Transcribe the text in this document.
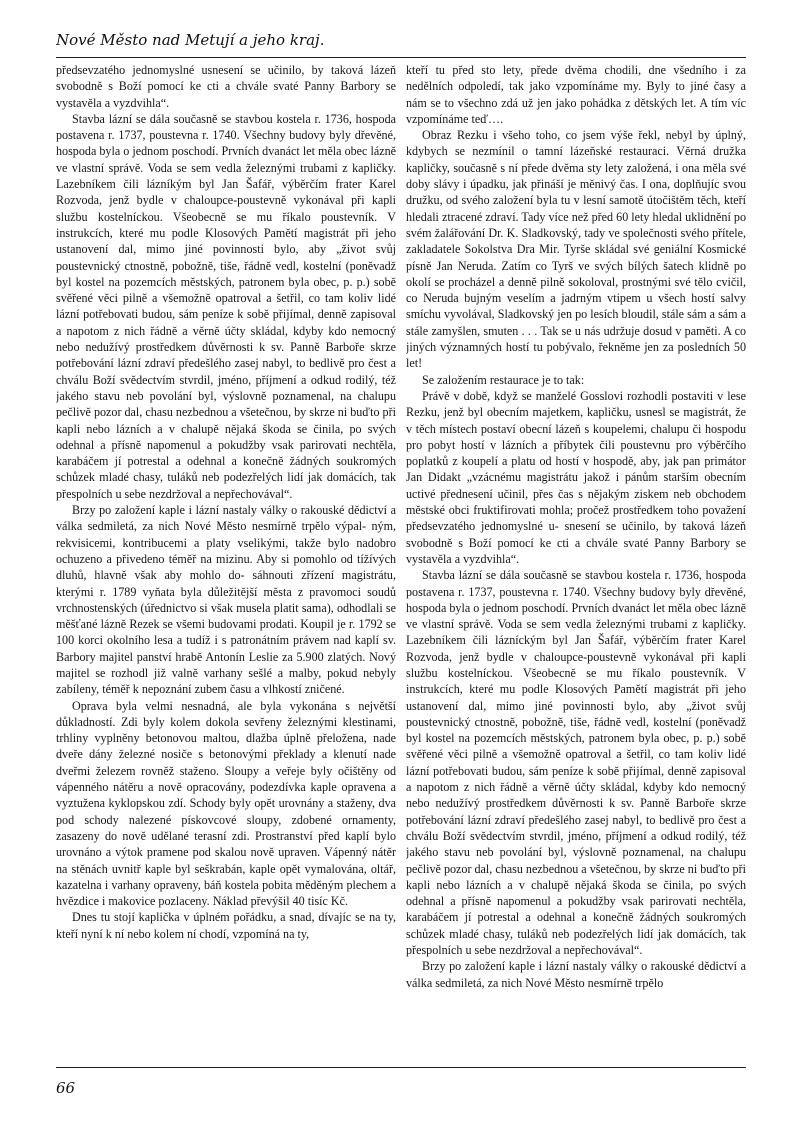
Nové Město nad Metují a jeho kraj.

předsevzatého jednomyslné usnesení se učinilo, by taková lázeň svobodně s Boží pomocí ke cti a chvále svaté Panny Barbory se vystavěla a vyzdvihla“.

Stavba lázní se dála současně se stavbou kostela r. 1736, hospoda postavena r. 1737, poustevna r. 1740. Všechny budovy byly dřevěné, hospoda byla o jednom poschodí. Prvních dvanáct let měla obec lázně ve vlastní správě. Voda se sem vedla železnými trubami z kapličky. Lazebníkem čili lázníkým byl Jan Šafář, výběrčím frater Karel Rozvoda, jenž bydle v chaloupce-poustevně vykonával při kapli službu kostelníckou. Všeobecně se mu říkalo poustevník. V instrukcích, které mu podle Klosových Pamětí magistrát při jeho ustanovení dal, mimo jiné povinnosti bylo, aby „život svůj poustevnický ctnostně, pobožně, tiše, řádně vedl, kostelní (poněvadž byl kostel na pozemcích městských, patronem byla obec, p. p.) sobě svěřené věci pilně a všemožně opatroval a šetřil, co tam koliv lidé lázní potřebovati budou, sám peníze k sobě přijímal, denně zapisoval a napotom z nich řádně a věrně účty skládal, kdyby kdo nemocný nebo nedužívý prostředkem důvěrnosti k sv. Panně Barboře skrze potřebování lázní zdraví předešlého zasej nabyl, to bedlivě pro čest a chválu Boží svědectvím stvrdil, jméno, příjmení a odkud rodilý, též jakého stavu neb povolání byl, výslovně poznamenal, na chalupu pečlivě pozor dal, chasu nezbednou a všetečnou, by skrze ni buďto při kapli nebo lázních a v chalupě nějaká škoda se činila, po svých odehnal a přísně napomenul a pokudžby vsak parirovati nechtěla, karabáčem jí potrestal a odehnal a konečně žádných soukromých schůzek mladé chasy, tuláků neb podezřelých lidí jak domácích, tak přespolních u sebe nezdržoval a nepřechovával“.

Brzy po založení kaple i lázní nastaly války o rakouské dědictví a válka sedmiletá, za nich Nové Město nesmírně trpělo výpal- ným, rekvisicemi, kontribucemi a platy vselikými, takže bylo nadobro ochuzeno a přivedeno téměř na mizinu. Aby si pomohlo od tížívých dluhů, hlavně však aby mohlo do- sáhnouti zřízení magistrátu, kterými r. 1789 vyňata byla důležitější města z pravomoci soudů vrchnostenských (úřednictvo si však musela platit sama), odhodlali se měšťané lázně Rezek se všemi budovami prodati. Koupil je r. 1792 se 100 korci okolního lesa a tudíž i s patronátním právem nad kaplí sv. Barbory majitel panství hrabě Antonín Leslie za 5.900 zlatých. Nový majitel se rozhodl již valně varhany sešlé a malby, pokud nebyly zabíleny, téměř k nepoznání zubem času a vlhkostí zničené.

Oprava byla velmi nesnadná, ale byla vykonána s největší důkladností. Zdi byly kolem dokola sevřeny železnými klestinami, trhliny vyplněny betonovou maltou, dlažba úplně přeložena, nade dveře dány železné nosiče s betonovými překlady a klenutí nade dveřmi železem rovněž staženo. Sloupy a veřeje byly očištěny od vápenného nátěru a nově opracovány, podezdívka kaple opravena a vyztužena kyklopskou zdí. Schody byly opět urovnány a staženy, dva pod schody nalezené pískovcové sloupy, zdobené ornamenty, zasazeny do nově udělané terasní zdi. Prostranství před kaplí bylo urovnáno a výtok pramene pod skalou nově upraven. Vápenný nátěr na stěnách uvnitř kaple byl seškrabán, kaple opět vymalována, oltář, kazatelna i varhany opraveny, báň kostela pobita měděným plechem a hvězdice i makovice pozlaceny. Náklad převýšil 40 tisíc Kč.

Dnes tu stojí kaplička v úplném pořádku, a snad, dívajíc se na ty, kteří nyní k ní nebo kolem ní chodí, vzpomíná na ty,

kteří tu před sto lety, přede dvěma chodili, dne všedního i za nedělních odpoledí, tak jako vzpomínáme my. Byly to jiné časy a nám se to všechno zdá už jen jako pohádka z dětských let. A tím víc vzpomínáme teď….

Obraz Rezku i všeho toho, co jsem výše řekl, nebyl by úplný, kdybych se nezmínil o tamní lázeňské restauraci. Věrná družka kapličky, současně s ní přede dvěma sty lety založená, i ona měla své doby slávy i úpadku, jak přináší je měnivý čas. I ona, doplňujíc svou družku, od svého založení byla tu v lesní samotě útočištěm těch, kteří hledali ztracené zdraví. Tady více než před 60 lety hledal uklidnění po svém žalářování Dr. K. Sladkovský, tady ve společnosti svého přítele, zakladatele Sokolstva Dra Mir. Tyrše skládal své geniální Kosmické písně Jan Neruda. Zatím co Tyrš ve svých bílých šatech klidně po okolí se procházel a denně pilně sokoloval, prostnými své tělo cvičil, co Neruda bujným veselím a jadrným vtipem u všech hostí salvy smíchu vyvolával, Sladkovský jen po lesích bloudil, stále sám a sám a stále zamyšlen, smuten . . . Tak se u nás udržuje dosud v paměti. A co jiných významných hostí tu pobývalo, řekněme jen za posledních 50 let!

Se založením restaurace je to tak:

Právě v době, když se manželé Gosslovi rozhodli postaviti v lese Rezku, jenž byl obecním majetkem, kapličku, usnesl se magistrát, že v těch místech postaví obecní lázeň s koupelemi, chalupu či hospodu pro pobyt hostí v lázních a příbytek čili poustevnu pro výběrčího poplatků z koupelí a platu od hostí v hospodě, aby, jak pan primátor Jan Didakt „vzácnému magistrátu jakož i pánům starším obecním uctivé přednesení učinil, přes čas s nějakým ziskem neb obchodem městské obci fruktifirovati mohla; pročež prostředkem toho považení předsevzatého jednomyslné u- snesení se učinilo, by taková lázeň svobodně s Boží pomocí ke cti a chvále svaté Panny Barbory se vystavěla a vyzdvihla“.

Stavba lázní se dála současně se stavbou kostela r. 1736, hospoda postavena r. 1737, poustevna r. 1740. Všechny budovy byly dřevěné, hospoda byla o jednom poschodí. Prvních dvanáct let měla obec lázně ve vlastní správě. Voda se sem vedla železnými trubami z kapličky. Lazebníkem čili lázníckým byl Jan Šafář, výběrčím frater Karel Rozvoda, jenž bydle v chaloupce-poustevně vykonával při kapli službu kostelníckou. Všeobecně se mu říkalo poustevník. V instrukcích, které mu podle Klosových Pamětí magistrát při jeho ustanovení dal, mimo jiné povinnosti bylo, aby „život svůj poustevnický ctnostně, pobožně, tiše, řádně vedl, kostelní (poněvadž byl kostel na pozemcích městských, patronem byla obec, p. p.) sobě svěřené věci pilně a všemožně opatroval a šetřil, co tam koliv lidé lázní potřebovati budou, sám peníze k sobě přijímal, denně zapisoval a napotom z nich řádně a věrně účty skládal, kdyby kdo nemocný nebo nedužívý prostředkem důvěrnosti k sv. Panně Barboře skrze potřebování lázní zdraví předešlého zasej nabyl, to bedlivě pro čest a chválu Boží svědectvím stvrdil, jméno, příjmení a odkud rodilý, též jakého stavu neb povolání byl, výslovně poznamenal, na chalupu pečlivě pozor dal, chasu nezbednou a všetečnou, by skrze ni buďto při kapli nebo lázních a v chalupě nějaká škoda se činila, po svých odehnal a přísně napomenul a pokudžby vsak parirovati nechtěla, karabáčem jí potrestal a odehnal a konečně žádných soukromých schůzek mladé chasy, tuláků neb podezřelých lidí jak domácích, tak přespolních u sebe nezdržoval a nepřechovával“.

Brzy po založení kaple i lázní nastaly války o rakouské dědictví a válka sedmiletá, za nich Nové Město nesmírně trpělo

66
